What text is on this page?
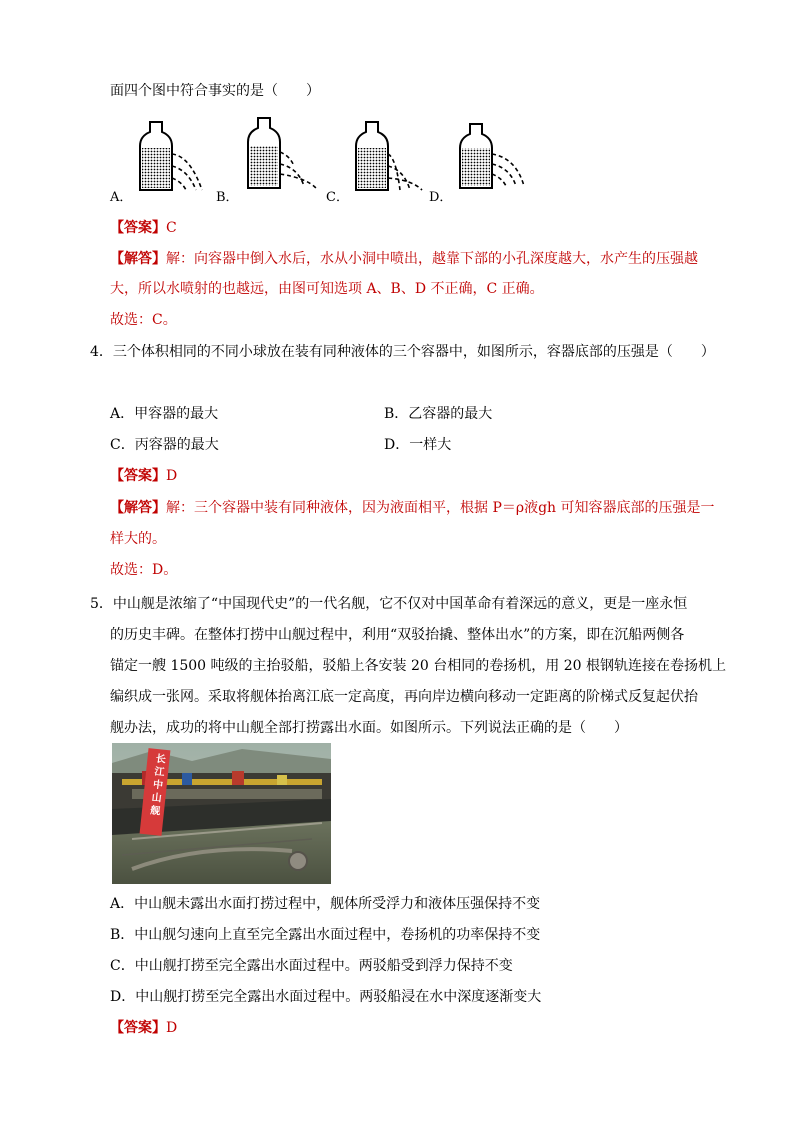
面四个图中符合事实的是（　　）
A．	B．	C．	D．
【答案】C
【解答】解：向容器中倒入水后，水从小洞中喷出，越靠下部的小孔深度越大，水产生的压强越
大，所以水喷射的也越远，由图可知选项 A、B、D 不正确，C 正确。
故选：C。
4．三个体积相同的不同小球放在装有同种液体的三个容器中，如图所示，容器底部的压强是（　　）
A．甲容器的最大	B．乙容器的最大
C．丙容器的最大	D．一样大
【答案】D
【解答】解：三个容器中装有同种液体，因为液面相平，根据 P＝ρ液gh 可知容器底部的压强是一
样大的。
故选：D。
5．中山舰是浓缩了“中国现代史”的一代名舰，它不仅对中国革命有着深远的意义，更是一座永恒
的历史丰碑。在整体打捞中山舰过程中，利用“双驳抬撬、整体出水”的方案，即在沉船两侧各
锚定一艘 1500 吨级的主抬驳船，驳船上各安装 20 台相同的卷扬机，用 20 根钢轨连接在卷扬机上
编织成一张网。采取将舰体抬离江底一定高度，再向岸边横向移动一定距离的阶梯式反复起伏抬
舰办法，成功的将中山舰全部打捞露出水面。如图所示。下列说法正确的是（　　）
长
江
中
山
舰
A．中山舰未露出水面打捞过程中，舰体所受浮力和液体压强保持不变
B．中山舰匀速向上直至完全露出水面过程中，卷扬机的功率保持不变
C．中山舰打捞至完全露出水面过程中。两驳船受到浮力保持不变
D．中山舰打捞至完全露出水面过程中。两驳船浸在水中深度逐渐变大
【答案】D
